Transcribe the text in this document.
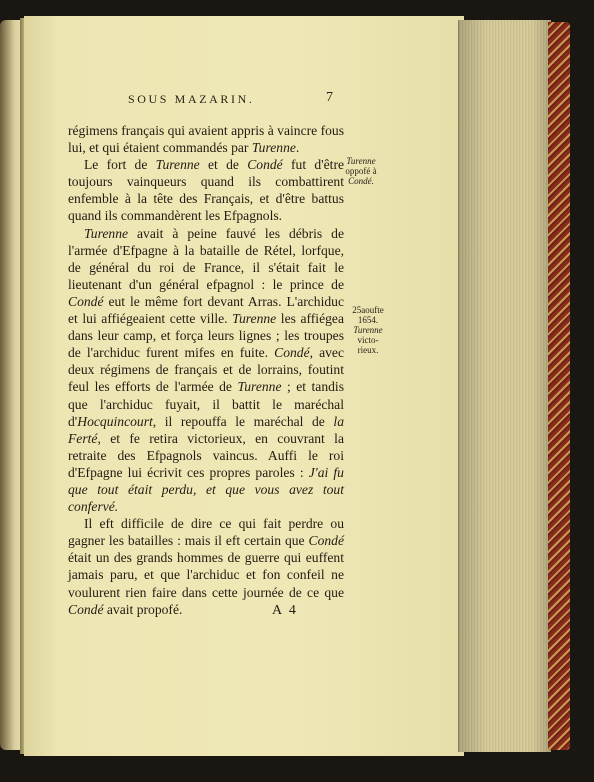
SOUS MAZARIN.	7

régimens français qui avaient appris à vaincre fous lui, et qui étaient commandés par Turenne.

Le fort de Turenne et de Condé fut d'être toujours vainqueurs quand ils combattirent enfemble à la tête des Français, et d'être battus quand ils commandèrent les Efpagnols.

Turenne avait à peine fauvé les débris de l'armée d'Efpagne à la bataille de Rétel, lorfque, de général du roi de France, il s'était fait le lieutenant d'un général efpagnol : le prince de Condé eut le même fort devant Arras. L'archiduc et lui affiégeaient cette ville. Turenne les affiégea dans leur camp, et força leurs lignes ; les troupes de l'archiduc furent mifes en fuite. Condé, avec deux régimens de français et de lorrains, foutint feul les efforts de l'armée de Turenne ; et tandis que l'archiduc fuyait, il battit le maréchal d'Hocquincourt, il repouffa le maréchal de la Ferté, et fe retira victorieux, en couvrant la retraite des Efpagnols vaincus. Auffi le roi d'Efpagne lui écrivit ces propres paroles : J'ai fu que tout était perdu, et que vous avez tout confervé.

Il eft difficile de dire ce qui fait perdre ou gagner les batailles : mais il eft certain que Condé était un des grands hommes de guerre qui euffent jamais paru, et que l'archiduc et fon confeil ne voulurent rien faire dans cette journée de ce que Condé avait propofé.

Turenne
oppofé à
Condé.
25aoufte
1654.
Turenne
victo-
rieux.
A 4
